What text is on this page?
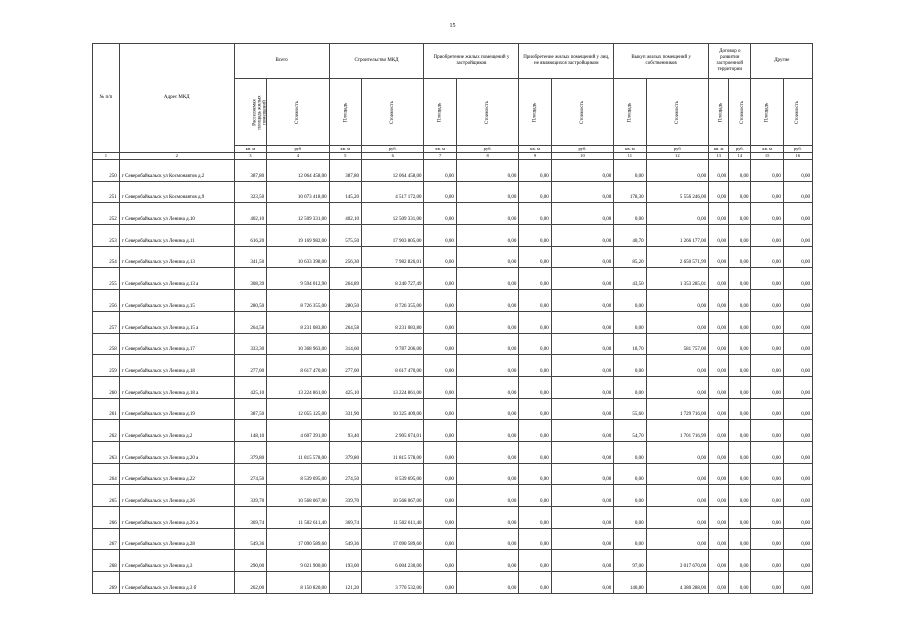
15
№ п/п	Адрес МКД	Всего		Строительство МКД		Приобретение жилых помещений у застройщиков		Приобретение жилых помещений у лиц, не являющихся застройщиком		Выкуп жилых помещений у собственников		Договор о развитии застроенной территории		Другие	
		Расселяемая площадь жилых помещений	Стоимость	Площадь	Стоимость	Площадь	Стоимость	Площадь	Стоимость	Площадь	Стоимость	Площадь	Стоимость	Площадь	Стоимость
		кв. м	руб	кв. м	руб.	кв. м	руб.	кв. м	руб.	кв. м	руб	кв. м	руб.	кв. м	руб.
1	2	3	4	5	6	7	8	9	10	11	12	13	14	15	16
250	г Северобайкальск ул Космонавтов д.2	387,80	12 064 458,00	387,80	12 064 458,00	0,00	0,00	0,00	0,00	0,00	0,00	0,00	0,00	0,00	0,00
251	г Северобайкальск ул Космонавтов д.9	323,50	10 073 418,00	145,20	4 517 172,00	0,00	0,00	0,00	0,00	178,30	5 556 246,00	0,00	0,00	0,00	0,00
252	г Северобайкальск ул Ленина д.10	402,10	12 509 331,00	402,10	12 509 331,00	0,00	0,00	0,00	0,00	0,00	0,00	0,00	0,00	0,00	0,00
253	г Северобайкальск ул Ленина д.11	616,20	19 169 982,00	575,50	17 903 805,00	0,00	0,00	0,00	0,00	40,70	1 266 177,00	0,00	0,00	0,00	0,00
254	г Северобайкальск ул Ленина д.13	341,50	10 633 398,00	256,30	7 982 826,01	0,00	0,00	0,00	0,00	85,20	2 650 571,99	0,00	0,00	0,00	0,00
255	г Северобайкальск ул Ленина д.13 а	308,39	9 594 012,90	264,89	8 240 727,49	0,00	0,00	0,00	0,00	43,50	1 353 285,01	0,00	0,00	0,00	0,00
256	г Северобайкальск ул Ленина д.15	280,50	8 726 355,00	280,50	8 726 355,00	0,00	0,00	0,00	0,00	0,00	0,00	0,00	0,00	0,00	0,00
257	г Северобайкальск ул Ленина д.15 а	264,58	8 231 083,80	264,58	8 231 083,80	0,00	0,00	0,00	0,00	0,00	0,00	0,00	0,00	0,00	0,00
258	г Северобайкальск ул Ленина д.17	333,30	10 368 963,00	314,60	9 787 206,00	0,00	0,00	0,00	0,00	18,70	581 757,00	0,00	0,00	0,00	0,00
259	г Северобайкальск ул Ленина д.18	277,00	8 617 470,00	277,00	8 617 470,00	0,00	0,00	0,00	0,00	0,00	0,00	0,00	0,00	0,00	0,00
260	г Северобайкальск ул Ленина д.18 а	425,10	13 224 861,00	425,10	13 224 861,00	0,00	0,00	0,00	0,00	0,00	0,00	0,00	0,00	0,00	0,00
261	г Северобайкальск ул Ленина д.19	387,50	12 055 125,00	331,90	10 325 409,00	0,00	0,00	0,00	0,00	55,60	1 729 716,00	0,00	0,00	0,00	0,00
262	г Северобайкальск ул Ленина д.2	148,10	4 607 391,00	93,40	2 905 674,01	0,00	0,00	0,00	0,00	54,70	1 701 716,99	0,00	0,00	0,00	0,00
263	г Северобайкальск ул Ленина д.20 а	379,80	11 815 578,00	379,80	11 815 578,00	0,00	0,00	0,00	0,00	0,00	0,00	0,00	0,00	0,00	0,00
264	г Северобайкальск ул Ленина д.22	274,50	8 539 695,00	274,50	8 539 695,00	0,00	0,00	0,00	0,00	0,00	0,00	0,00	0,00	0,00	0,00
265	г Северобайкальск ул Ленина д.26	339,70	10 568 067,00	339,70	10 568 067,00	0,00	0,00	0,00	0,00	0,00	0,00	0,00	0,00	0,00	0,00
266	г Северобайкальск ул Ленина д.26 а	369,74	11 502 611,40	369,74	11 502 611,40	0,00	0,00	0,00	0,00	0,00	0,00	0,00	0,00	0,00	0,00
267	г Северобайкальск ул Ленина д.28	549,36	17 090 589,60	549,36	17 090 589,60	0,00	0,00	0,00	0,00	0,00	0,00	0,00	0,00	0,00	0,00
268	г Северобайкальск ул Ленина д.3	290,00	9 021 900,00	193,00	6 004 230,00	0,00	0,00	0,00	0,00	97,00	3 017 670,00	0,00	0,00	0,00	0,00
269	г Северобайкальск ул Ленина д.3 б	262,00	8 150 820,00	121,20	3 770 532,00	0,00	0,00	0,00	0,00	140,80	4 380 288,00	0,00	0,00	0,00	0,00
